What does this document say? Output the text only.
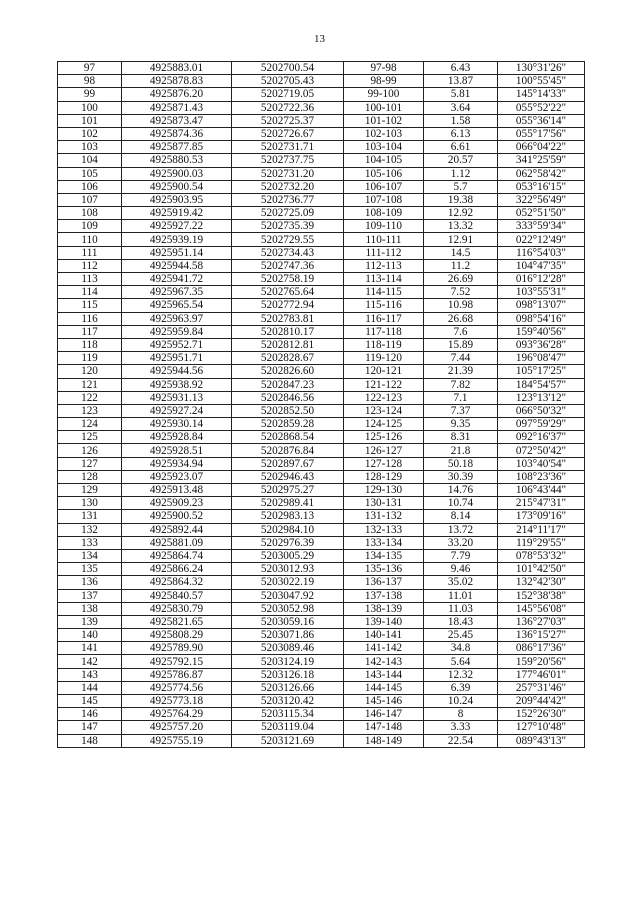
13
97	4925883.01	5202700.54	97-98	6.43	130°31'26"
98	4925878.83	5202705.43	98-99	13.87	100°55'45"
99	4925876.20	5202719.05	99-100	5.81	145°14'33"
100	4925871.43	5202722.36	100-101	3.64	055°52'22"
101	4925873.47	5202725.37	101-102	1.58	055°36'14"
102	4925874.36	5202726.67	102-103	6.13	055°17'56"
103	4925877.85	5202731.71	103-104	6.61	066°04'22"
104	4925880.53	5202737.75	104-105	20.57	341°25'59"
105	4925900.03	5202731.20	105-106	1.12	062°58'42"
106	4925900.54	5202732.20	106-107	5.7	053°16'15"
107	4925903.95	5202736.77	107-108	19.38	322°56'49"
108	4925919.42	5202725.09	108-109	12.92	052°51'50"
109	4925927.22	5202735.39	109-110	13.32	333°59'34"
110	4925939.19	5202729.55	110-111	12.91	022°12'49"
111	4925951.14	5202734.43	111-112	14.5	116°54'03"
112	4925944.58	5202747.36	112-113	11.2	104°47'35"
113	4925941.72	5202758.19	113-114	26.69	016°12'28"
114	4925967.35	5202765.64	114-115	7.52	103°55'31"
115	4925965.54	5202772.94	115-116	10.98	098°13'07"
116	4925963.97	5202783.81	116-117	26.68	098°54'16"
117	4925959.84	5202810.17	117-118	7.6	159°40'56"
118	4925952.71	5202812.81	118-119	15.89	093°36'28"
119	4925951.71	5202828.67	119-120	7.44	196°08'47"
120	4925944.56	5202826.60	120-121	21.39	105°17'25"
121	4925938.92	5202847.23	121-122	7.82	184°54'57"
122	4925931.13	5202846.56	122-123	7.1	123°13'12"
123	4925927.24	5202852.50	123-124	7.37	066°50'32"
124	4925930.14	5202859.28	124-125	9.35	097°59'29"
125	4925928.84	5202868.54	125-126	8.31	092°16'37"
126	4925928.51	5202876.84	126-127	21.8	072°50'42"
127	4925934.94	5202897.67	127-128	50.18	103°40'54"
128	4925923.07	5202946.43	128-129	30.39	108°23'36"
129	4925913.48	5202975.27	129-130	14.76	106°43'44"
130	4925909.23	5202989.41	130-131	10.74	215°47'31"
131	4925900.52	5202983.13	131-132	8.14	173°09'16"
132	4925892.44	5202984.10	132-133	13.72	214°11'17"
133	4925881.09	5202976.39	133-134	33.20	119°29'55"
134	4925864.74	5203005.29	134-135	7.79	078°53'32"
135	4925866.24	5203012.93	135-136	9.46	101°42'50"
136	4925864.32	5203022.19	136-137	35.02	132°42'30"
137	4925840.57	5203047.92	137-138	11.01	152°38'38"
138	4925830.79	5203052.98	138-139	11.03	145°56'08"
139	4925821.65	5203059.16	139-140	18.43	136°27'03"
140	4925808.29	5203071.86	140-141	25.45	136°15'27"
141	4925789.90	5203089.46	141-142	34.8	086°17'36"
142	4925792.15	5203124.19	142-143	5.64	159°20'56"
143	4925786.87	5203126.18	143-144	12.32	177°46'01"
144	4925774.56	5203126.66	144-145	6.39	257°31'46"
145	4925773.18	5203120.42	145-146	10.24	209°44'42"
146	4925764.29	5203115.34	146-147	8	152°26'30"
147	4925757.20	5203119.04	147-148	3.33	127°10'48"
148	4925755.19	5203121.69	148-149	22.54	089°43'13"
